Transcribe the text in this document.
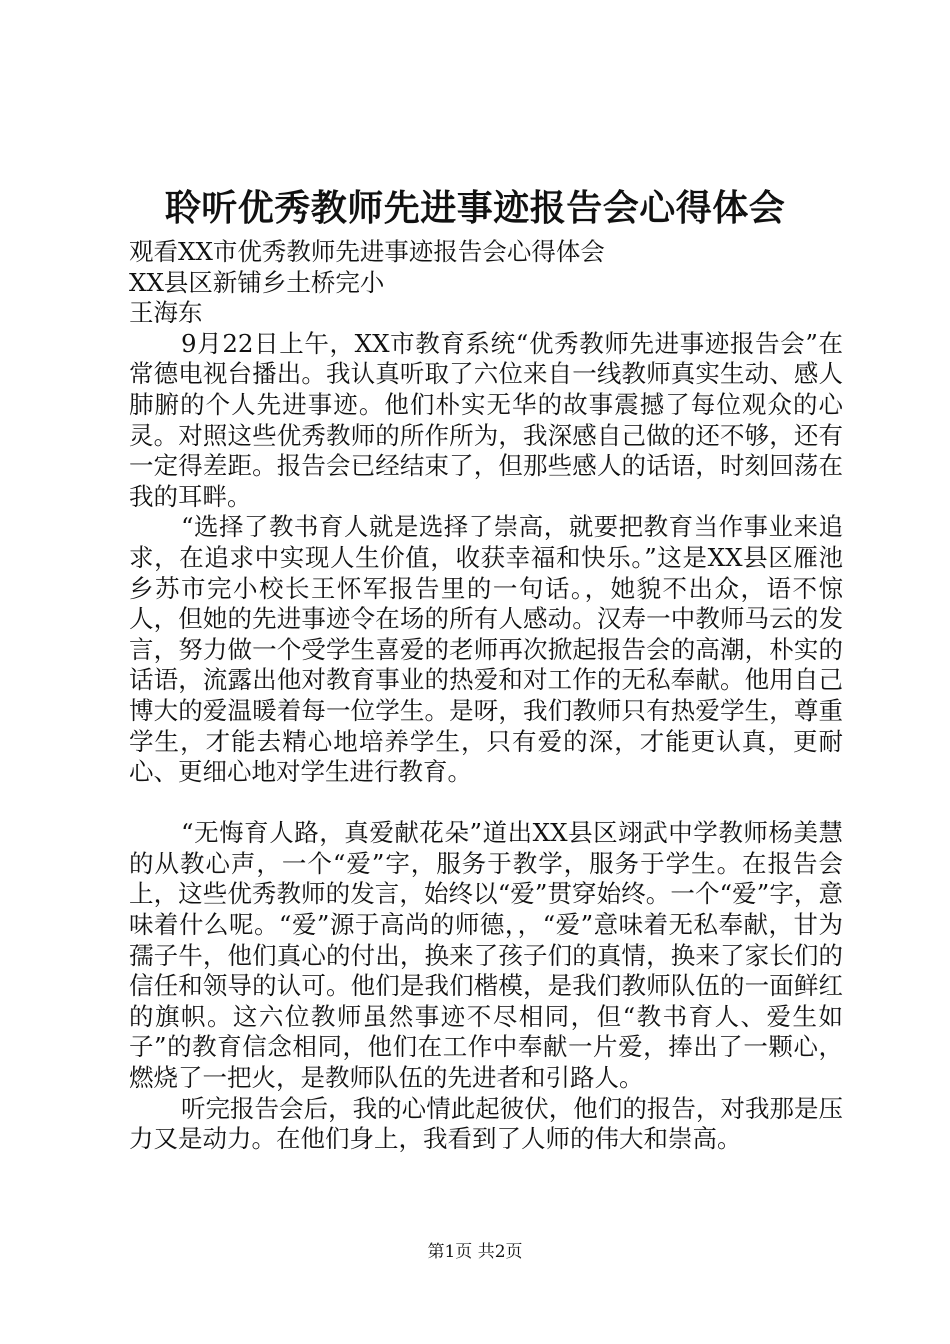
聆听优秀教师先进事迹报告会心得体会

观看XX市优秀教师先进事迹报告会心得体会

XX县区新铺乡土桥完小

王海东

9月22日上午，XX市教育系统“优秀教师先进事迹报告会”在常德电视台播出。我认真听取了六位来自一线教师真实生动、感人肺腑的个人先进事迹。他们朴实无华的故事震撼了每位观众的心灵。对照这些优秀教师的所作所为，我深感自己做的还不够，还有一定得差距。报告会已经结束了，但那些感人的话语，时刻回荡在我的耳畔。

“选择了教书育人就是选择了崇高，就要把教育当作事业来追求，在追求中实现人生价值，收获幸福和快乐。”这是XX县区雁池乡苏市完小校长王怀军报告里的一句话。，她貌不出众，语不惊人，但她的先进事迹令在场的所有人感动。汉寿一中教师马云的发言，努力做一个受学生喜爱的老师再次掀起报告会的高潮，朴实的话语，流露出他对教育事业的热爱和对工作的无私奉献。他用自己博大的爱温暖着每一位学生。是呀，我们教师只有热爱学生，尊重学生，才能去精心地培养学生，只有爱的深，才能更认真，更耐心、更细心地对学生进行教育。

“无悔育人路，真爱献花朵”道出XX县区翊武中学教师杨美慧的从教心声，一个“爱”字，服务于教学，服务于学生。在报告会上，这些优秀教师的发言，始终以“爱”贯穿始终。一个“爱”字，意味着什么呢。“爱”源于高尚的师德，，“爱”意味着无私奉献，甘为孺子牛，他们真心的付出，换来了孩子们的真情，换来了家长们的信任和领导的认可。他们是我们楷模，是我们教师队伍的一面鲜红的旗帜。这六位教师虽然事迹不尽相同，但“教书育人、爱生如子”的教育信念相同，他们在工作中奉献一片爱，捧出了一颗心，燃烧了一把火，是教师队伍的先进者和引路人。

听完报告会后，我的心情此起彼伏，他们的报告，对我那是压力又是动力。在他们身上，我看到了人师的伟大和崇高。

第1页 共2页
